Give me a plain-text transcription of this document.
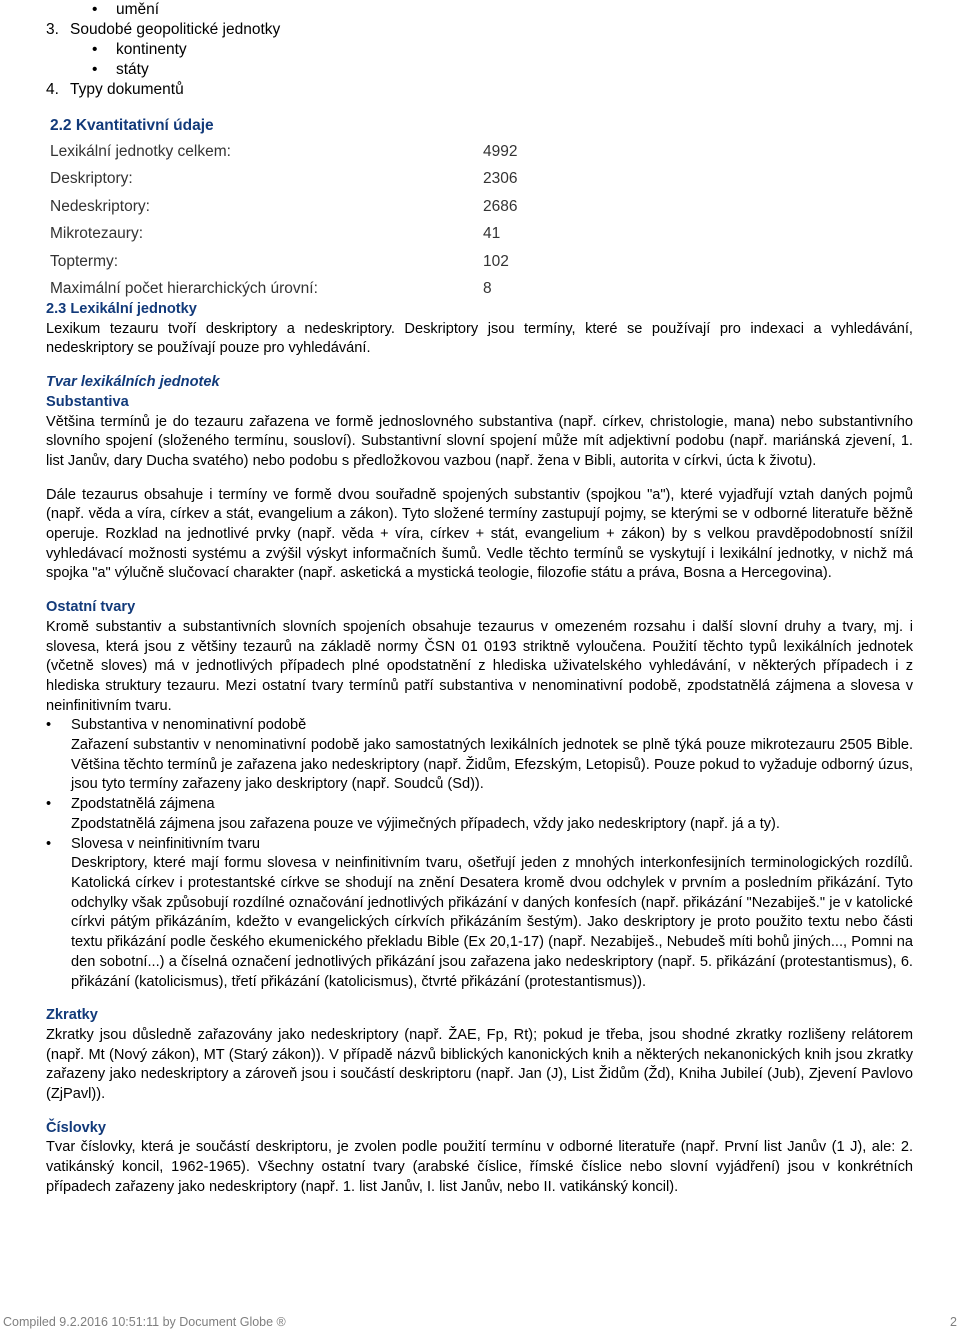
• umění
3. Soudobé geopolitické jednotky
• kontinenty
• státy
4. Typy dokumentů
2.2 Kvantitativní údaje
Lexikální jednotky celkem:	4992
Deskriptory:	2306
Nedeskriptory:	2686
Mikrotezaury:	41
Toptermy:	102
Maximální počet hierarchických úrovní:	8
2.3 Lexikální jednotky

Lexikum tezauru tvoří deskriptory a nedeskriptory. Deskriptory jsou termíny, které se používají pro indexaci a vyhledávání, nedeskriptory se používají pouze pro vyhledávání.

Tvar lexikálních jednotek
Substantiva

Většina termínů je do tezauru zařazena ve formě jednoslovného substantiva (např. církev, christologie, mana) nebo substantivního slovního spojení (složeného termínu, sousloví). Substantivní slovní spojení může mít adjektivní podobu (např. mariánská zjevení, 1. list Janův, dary Ducha svatého) nebo podobu s předložkovou vazbou (např. žena v Bibli, autorita v církvi, úcta k životu).

Dále tezaurus obsahuje i termíny ve formě dvou souřadně spojených substantiv (spojkou "a"), které vyjadřují vztah daných pojmů (např. věda a víra, církev a stát, evangelium a zákon). Tyto složené termíny zastupují pojmy, se kterými se v odborné literatuře běžně operuje. Rozklad na jednotlivé prvky (např. věda + víra, církev + stát, evangelium + zákon) by s velkou pravděpodobností snížil vyhledávací možnosti systému a zvýšil výskyt informačních šumů. Vedle těchto termínů se vyskytují i lexikální jednotky, v nichž má spojka "a" výlučně slučovací charakter (např. asketická a mystická teologie, filozofie státu a práva, Bosna a Hercegovina).

Ostatní tvary

Kromě substantiv a substantivních slovních spojeních obsahuje tezaurus v omezeném rozsahu i další slovní druhy a tvary, mj. i slovesa, která jsou z většiny tezaurů na základě normy ČSN 01 0193 striktně vyloučena. Použití těchto typů lexikálních jednotek (včetně sloves) má v jednotlivých případech plné opodstatnění z hlediska uživatelského vyhledávání, v některých případech i z hlediska struktury tezauru. Mezi ostatní tvary termínů patří substantiva v nenominativní podobě, zpodstatnělá zájmena a slovesa v neinfinitivním tvaru.

• Substantiva v nenominativní podobě

Zařazení substantiv v nenominativní podobě jako samostatných lexikálních jednotek se plně týká pouze mikrotezauru 2505 Bible. Většina těchto termínů je zařazena jako nedeskriptory (např. Židům, Efezským, Letopisů). Pouze pokud to vyžaduje odborný úzus, jsou tyto termíny zařazeny jako deskriptory (např. Soudců (Sd)).

• Zpodstatnělá zájmena

Zpodstatnělá zájmena jsou zařazena pouze ve výjimečných případech, vždy jako nedeskriptory (např. já a ty).

• Slovesa v neinfinitivním tvaru

Deskriptory, které mají formu slovesa v neinfinitivním tvaru, ošetřují jeden z mnohých interkonfesijních terminologických rozdílů. Katolická církev i protestantské církve se shodují na znění Desatera kromě dvou odchylek v prvním a posledním přikázání. Tyto odchylky však způsobují rozdílné označování jednotlivých přikázání v daných konfesích (např. přikázání "Nezabiješ." je v katolické církvi pátým přikázáním, kdežto v evangelických církvích přikázáním šestým). Jako deskriptory je proto použito textu nebo části textu přikázání podle českého ekumenického překladu Bible (Ex 20,1-17) (např. Nezabiješ., Nebudeš míti bohů jiných..., Pomni na den sobotní...) a číselná označení jednotlivých přikázání jsou zařazena jako nedeskriptory (např. 5. přikázání (protestantismus), 6. přikázání (katolicismus), třetí přikázání (katolicismus), čtvrté přikázání (protestantismus)).

Zkratky

Zkratky jsou důsledně zařazovány jako nedeskriptory (např. ŽAE, Fp, Rt); pokud je třeba, jsou shodné zkratky rozlišeny relátorem (např. Mt (Nový zákon), MT (Starý zákon)). V případě názvů biblických kanonických knih a některých nekanonických knih jsou zkratky zařazeny jako nedeskriptory a zároveň jsou i součástí deskriptoru (např. Jan (J), List Židům (Žd), Kniha Jubileí (Jub), Zjevení Pavlovo (ZjPavl)).

Číslovky

Tvar číslovky, která je součástí deskriptoru, je zvolen podle použití termínu v odborné literatuře (např. První list Janův (1 J), ale: 2. vatikánský koncil, 1962-1965). Všechny ostatní tvary (arabské číslice, římské číslice nebo slovní vyjádření) jsou v konkrétních případech zařazeny jako nedeskriptory (např. 1. list Janův, I. list Janův, nebo II. vatikánský koncil).

Compiled 9.2.2016 10:51:11 by Document Globe ®	2
